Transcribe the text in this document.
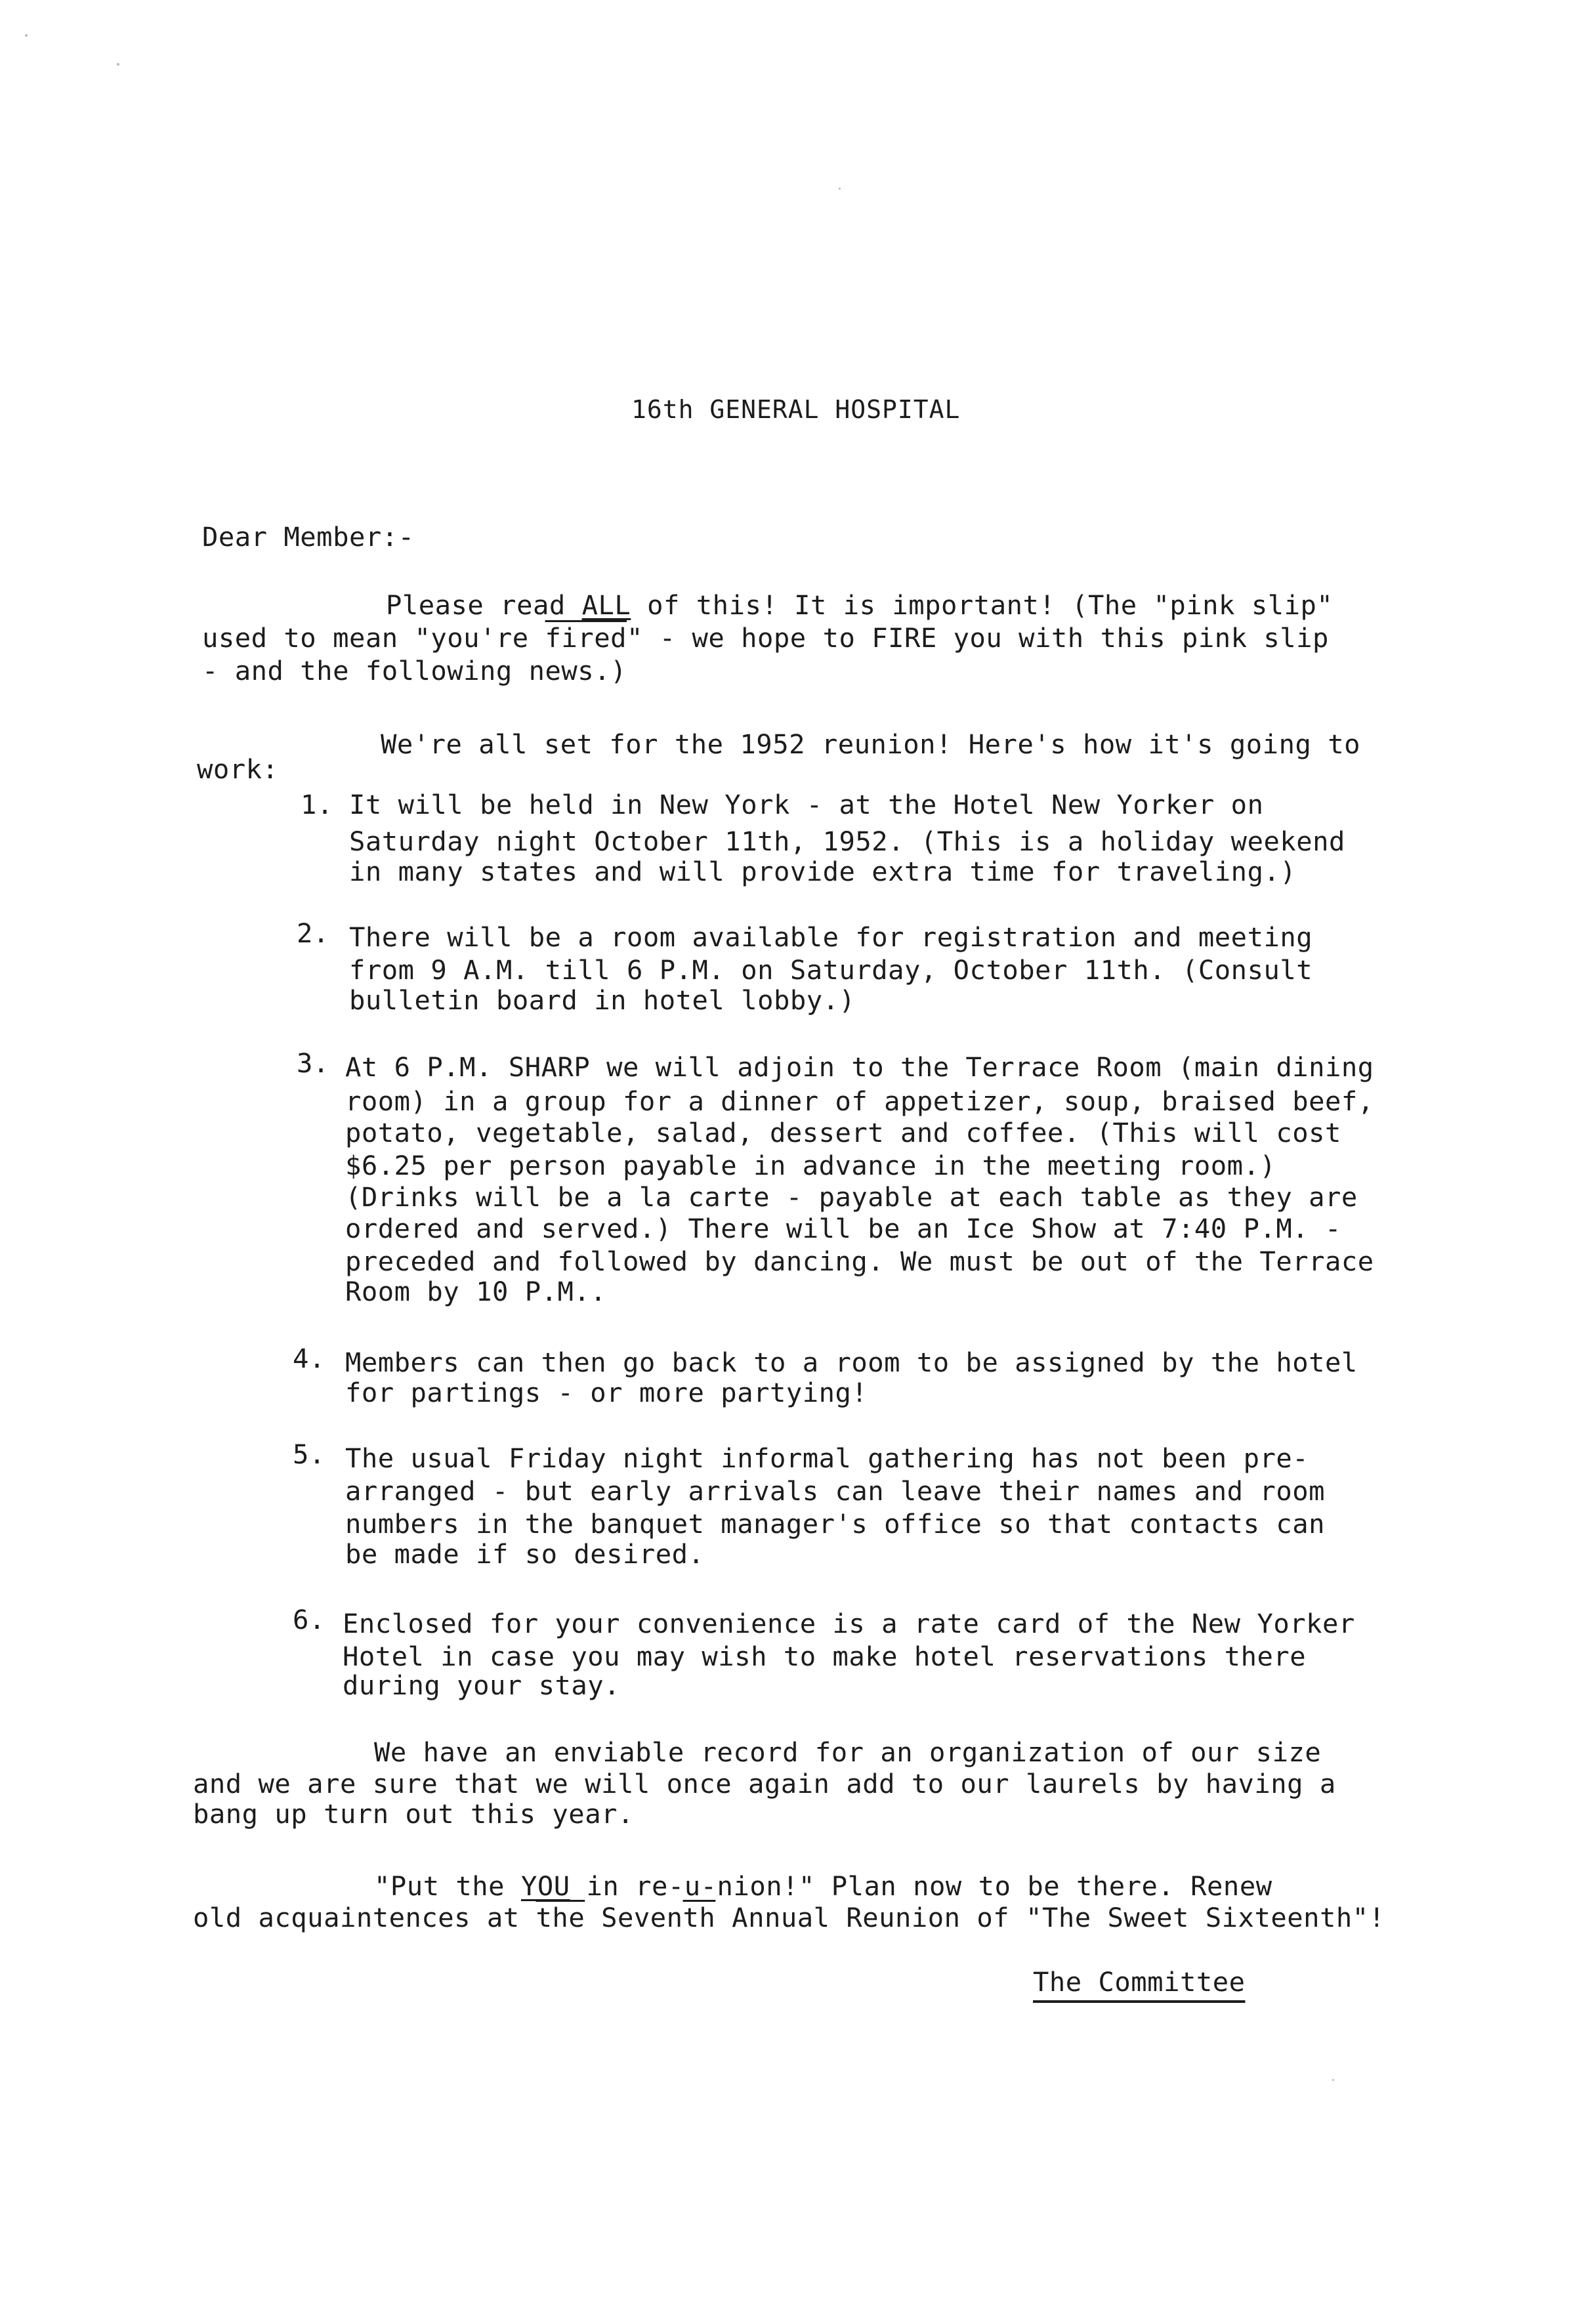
16th GENERAL HOSPITAL
Dear Member:-
Please read ALL of this! It is important! (The "pink slip"
used to mean "you're fired" - we hope to FIRE you with this pink slip
- and the following news.)
We're all set for the 1952 reunion! Here's how it's going to
work:
1. It will be held in New York - at the Hotel New Yorker on
Saturday night October 11th, 1952. (This is a holiday weekend
in many states and will provide extra time for traveling.)
2. There will be a room available for registration and meeting
from 9 A.M. till 6 P.M. on Saturday, October 11th. (Consult
bulletin board in hotel lobby.)
3. At 6 P.M. SHARP we will adjoin to the Terrace Room (main dining
room) in a group for a dinner of appetizer, soup, braised beef,
potato, vegetable, salad, dessert and coffee. (This will cost
$6.25 per person payable in advance in the meeting room.)
(Drinks will be a la carte - payable at each table as they are
ordered and served.) There will be an Ice Show at 7:40 P.M. -
preceded and followed by dancing. We must be out of the Terrace
Room by 10 P.M..
4. Members can then go back to a room to be assigned by the hotel
for partings - or more partying!
5. The usual Friday night informal gathering has not been pre-
arranged - but early arrivals can leave their names and room
numbers in the banquet manager's office so that contacts can
be made if so desired.
6. Enclosed for your convenience is a rate card of the New Yorker
Hotel in case you may wish to make hotel reservations there
during your stay.
We have an enviable record for an organization of our size
and we are sure that we will once again add to our laurels by having a
bang up turn out this year.
"Put the YOU in re-u-nion!" Plan now to be there. Renew
old acquaintences at $\overline{the}$ $Seven\overline{th}$ Annual Reunion of "The Sweet Sixteenth"!
The Committee
